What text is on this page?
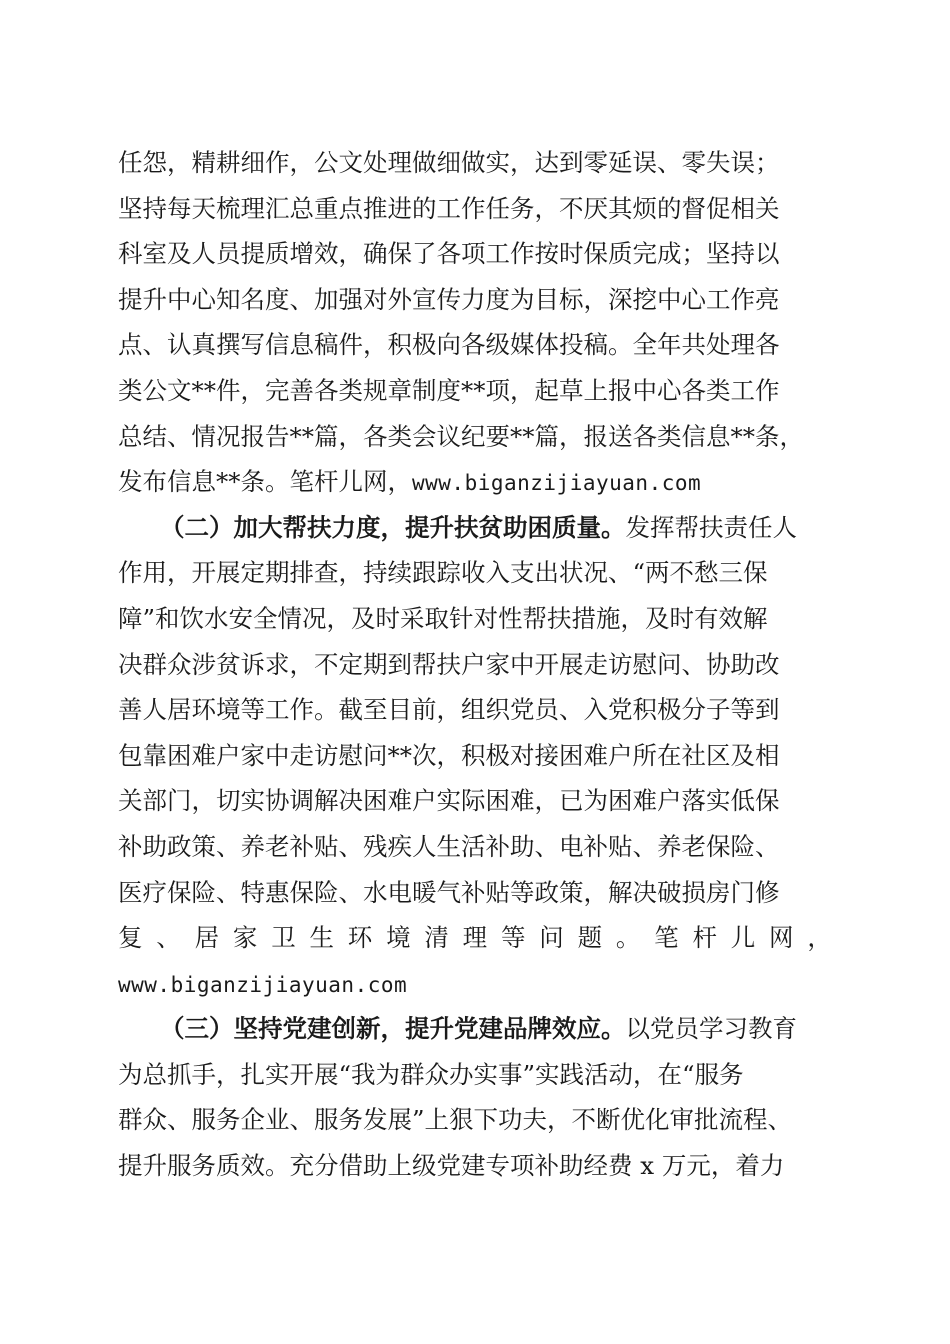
任怨，精耕细作，公文处理做细做实，达到零延误、零失误；
坚持每天梳理汇总重点推进的工作任务，不厌其烦的督促相关
科室及人员提质增效，确保了各项工作按时保质完成；坚持以
提升中心知名度、加强对外宣传力度为目标，深挖中心工作亮
点、认真撰写信息稿件，积极向各级媒体投稿。全年共处理各
类公文**件，完善各类规章制度**项，起草上报中心各类工作
总结、情况报告**篇，各类会议纪要**篇，报送各类信息**条，
发布信息**条。笔杆儿网，www.biganzijiayuan.com
（二）加大帮扶力度，提升扶贫助困质量。发挥帮扶责任人
作用，开展定期排查，持续跟踪收入支出状况、“两不愁三保
障”和饮水安全情况，及时采取针对性帮扶措施，及时有效解
决群众涉贫诉求，不定期到帮扶户家中开展走访慰问、协助改
善人居环境等工作。截至目前，组织党员、入党积极分子等到
包靠困难户家中走访慰问**次，积极对接困难户所在社区及相
关部门，切实协调解决困难户实际困难，已为困难户落实低保
补助政策、养老补贴、残疾人生活补助、电补贴、养老保险、
医疗保险、特惠保险、水电暖气补贴等政策，解决破损房门修
复 、 居 家 卫 生 环 境 清 理 等 问 题 。 笔 杆 儿 网 ，
www.biganzijiayuan.com
（三）坚持党建创新，提升党建品牌效应。以党员学习教育
为总抓手，扎实开展“我为群众办实事”实践活动，在“服务
群众、服务企业、服务发展”上狠下功夫，不断优化审批流程、
提升服务质效。充分借助上级党建专项补助经费 x 万元，着力
